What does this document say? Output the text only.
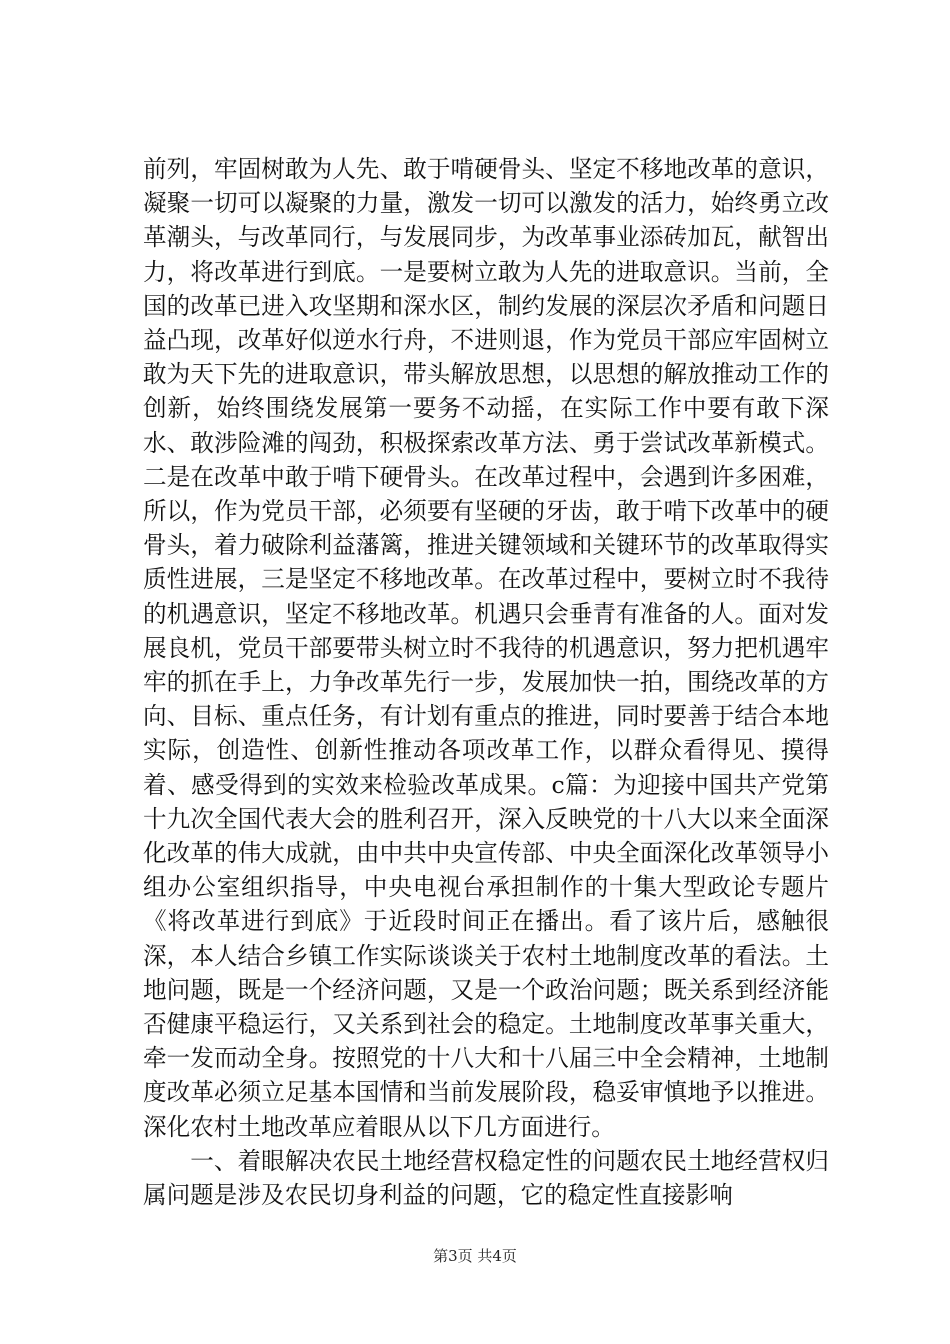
前列，牢固树敢为人先、敢于啃硬骨头、坚定不移地改革的意识，凝聚一切可以凝聚的力量，激发一切可以激发的活力，始终勇立改革潮头，与改革同行，与发展同步，为改革事业添砖加瓦，献智出力，将改革进行到底。一是要树立敢为人先的进取意识。当前，全国的改革已进入攻坚期和深水区，制约发展的深层次矛盾和问题日益凸现，改革好似逆水行舟，不进则退，作为党员干部应牢固树立敢为天下先的进取意识，带头解放思想，以思想的解放推动工作的创新，始终围绕发展第一要务不动摇，在实际工作中要有敢下深水、敢涉险滩的闯劲，积极探索改革方法、勇于尝试改革新模式。二是在改革中敢于啃下硬骨头。在改革过程中，会遇到许多困难，所以，作为党员干部，必须要有坚硬的牙齿，敢于啃下改革中的硬骨头，着力破除利益藩篱，推进关键领域和关键环节的改革取得实质性进展，三是坚定不移地改革。在改革过程中，要树立时不我待的机遇意识，坚定不移地改革。机遇只会垂青有准备的人。面对发展良机，党员干部要带头树立时不我待的机遇意识，努力把机遇牢牢的抓在手上，力争改革先行一步，发展加快一拍，围绕改革的方向、目标、重点任务，有计划有重点的推进，同时要善于结合本地实际，创造性、创新性推动各项改革工作，以群众看得见、摸得着、感受得到的实效来检验改革成果。c篇：为迎接中国共产党第十九次全国代表大会的胜利召开，深入反映党的十八大以来全面深化改革的伟大成就，由中共中央宣传部、中央全面深化改革领导小组办公室组织指导，中央电视台承担制作的十集大型政论专题片《将改革进行到底》于近段时间正在播出。看了该片后，感触很深，本人结合乡镇工作实际谈谈关于农村土地制度改革的看法。土地问题，既是一个经济问题，又是一个政治问题；既关系到经济能否健康平稳运行，又关系到社会的稳定。土地制度改革事关重大，牵一发而动全身。按照党的十八大和十八届三中全会精神，土地制度改革必须立足基本国情和当前发展阶段，稳妥审慎地予以推进。深化农村土地改革应着眼从以下几方面进行。

一、着眼解决农民土地经营权稳定性的问题农民土地经营权归属问题是涉及农民切身利益的问题，它的稳定性直接影响

第3页 共4页
